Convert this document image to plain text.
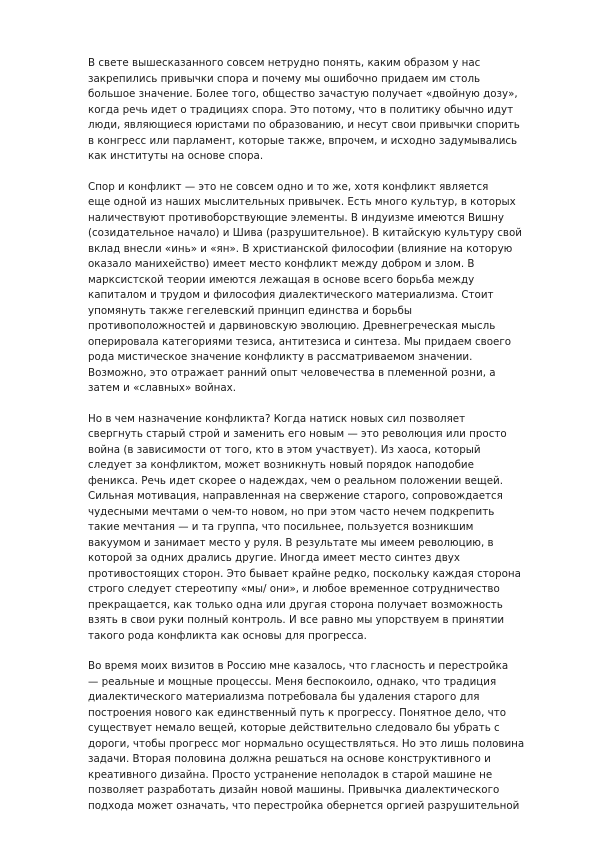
В свете вышесказанного совсем нетрудно понять, каким образом у нас
закрепились привычки спора и почему мы ошибочно придаем им столь
большое значение. Более того, общество зачастую получает «двойную дозу»,
когда речь идет о традициях спора. Это потому, что в политику обычно идут
люди, являющиеся юристами по образованию, и несут свои привычки спорить
в конгресс или парламент, которые также, впрочем, и исходно задумывались
как институты на основе спора.

Спор и конфликт — это не совсем одно и то же, хотя конфликт является
еще одной из наших мыслительных привычек. Есть много культур, в которых
наличествуют противоборствующие элементы. В индуизме имеются Вишну
(созидательное начало) и Шива (разрушительное). В китайскую культуру свой
вклад внесли «инь» и «ян». В христианской философии (влияние на которую
оказало манихейство) имеет место конфликт между добром и злом. В
марксистской теории имеются лежащая в основе всего борьба между
капиталом и трудом и философия диалектического материализма. Стоит
упомянуть также гегелевский принцип единства и борьбы
противоположностей и дарвиновскую эволюцию. Древнегреческая мысль
оперировала категориями тезиса, антитезиса и синтеза. Мы придаем своего
рода мистическое значение конфликту в рассматриваемом значении.
Возможно, это отражает ранний опыт человечества в племенной розни, а
затем и «славных» войнах.

Но в чем назначение конфликта? Когда натиск новых сил позволяет
свергнуть старый строй и заменить его новым — это революция или просто
война (в зависимости от того, кто в этом участвует). Из хаоса, который
следует за конфликтом, может возникнуть новый порядок наподобие
феникса. Речь идет скорее о надеждах, чем о реальном положении вещей.
Сильная мотивация, направленная на свержение старого, сопровождается
чудесными мечтами о чем-то новом, но при этом часто нечем подкрепить
такие мечтания — и та группа, что посильнее, пользуется возникшим
вакуумом и занимает место у руля. В результате мы имеем революцию, в
которой за одних дрались другие. Иногда имеет место синтез двух
противостоящих сторон. Это бывает крайне редко, поскольку каждая сторона
строго следует стереотипу «мы/ они», и любое временное сотрудничество
прекращается, как только одна или другая сторона получает возможность
взять в свои руки полный контроль. И все равно мы упорствуем в принятии
такого рода конфликта как основы для прогресса.

Во время моих визитов в Россию мне казалось, что гласность и перестройка
— реальные и мощные процессы. Меня беспокоило, однако, что традиция
диалектического материализма потребовала бы удаления старого для
построения нового как единственный путь к прогрессу. Понятное дело, что
существует немало вещей, которые действительно следовало бы убрать с
дороги, чтобы прогресс мог нормально осуществляться. Но это лишь половина
задачи. Вторая половина должна решаться на основе конструктивного и
креативного дизайна. Просто устранение неполадок в старой машине не
позволяет разработать дизайн новой машины. Привычка диалектического
подхода может означать, что перестройка обернется оргией разрушительной
